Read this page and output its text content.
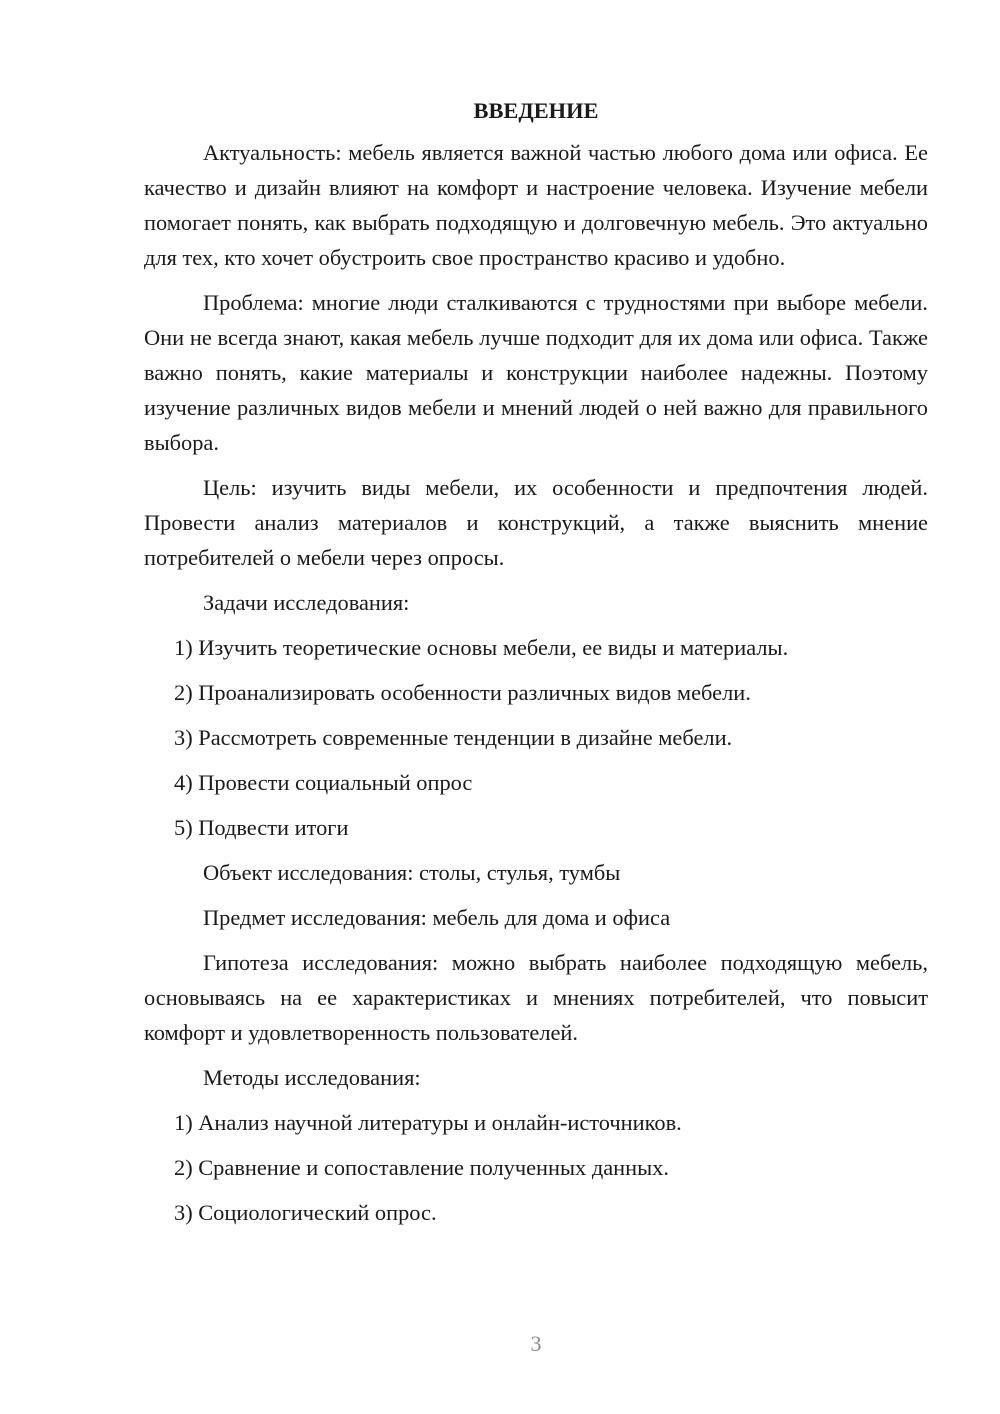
ВВЕДЕНИЕ

Актуальность: мебель является важной частью любого дома или офиса. Ее качество и дизайн влияют на комфорт и настроение человека. Изучение мебели помогает понять, как выбрать подходящую и долговечную мебель. Это актуально для тех, кто хочет обустроить свое пространство красиво и удобно.

Проблема: многие люди сталкиваются с трудностями при выборе мебели. Они не всегда знают, какая мебель лучше подходит для их дома или офиса. Также важно понять, какие материалы и конструкции наиболее надежны. Поэтому изучение различных видов мебели и мнений людей о ней важно для правильного выбора.

Цель: изучить виды мебели, их особенности и предпочтения людей. Провести анализ материалов и конструкций, а также выяснить мнение потребителей о мебели через опросы.

Задачи исследования:

1) Изучить теоретические основы мебели, ее виды и материалы.
2) Проанализировать особенности различных видов мебели.
3) Рассмотреть современные тенденции в дизайне мебели.
4) Провести социальный опрос
5) Подвести итоги

Объект исследования: столы, стулья, тумбы

Предмет исследования: мебель для дома и офиса

Гипотеза исследования: можно выбрать наиболее подходящую мебель, основываясь на ее характеристиках и мнениях потребителей, что повысит комфорт и удовлетворенность пользователей.

Методы исследования:

1) Анализ научной литературы и онлайн-источников.
2) Сравнение и сопоставление полученных данных.
3) Социологический опрос.
3
